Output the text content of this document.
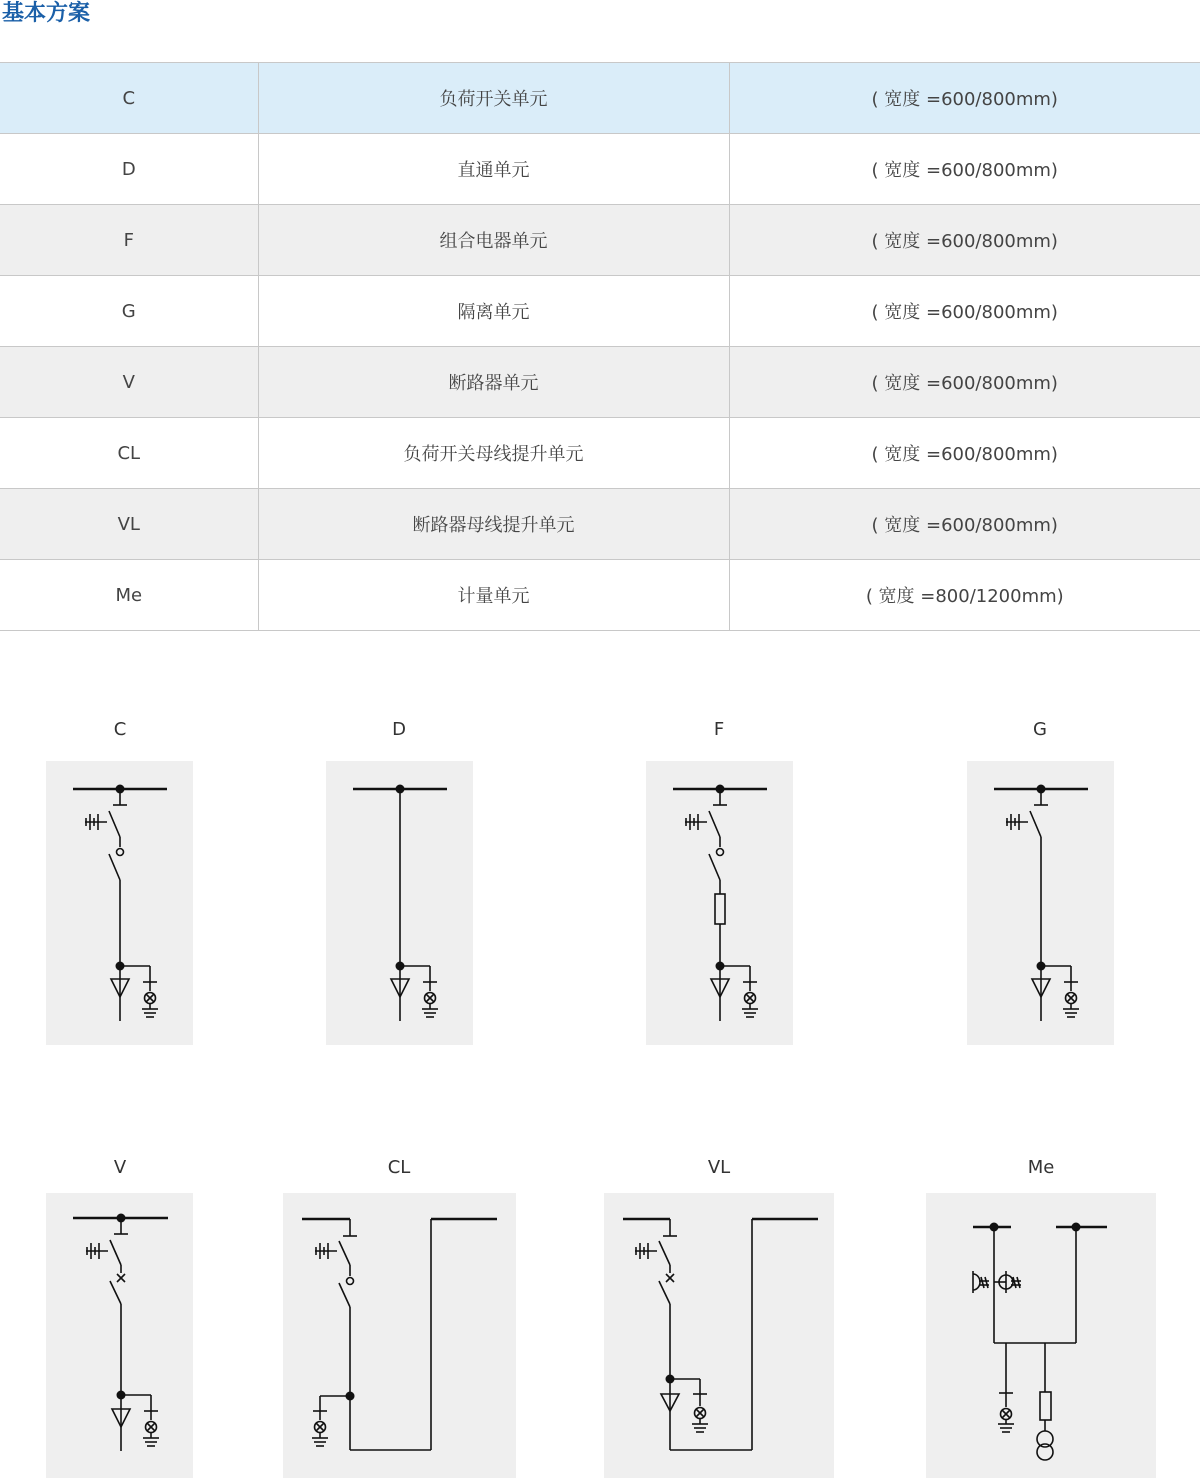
基本方案
C	负荷开关单元	( 宽度 =600/800mm)
D	直通单元	( 宽度 =600/800mm)
F	组合电器单元	( 宽度 =600/800mm)
G	隔离单元	( 宽度 =600/800mm)
V	断路器单元	( 宽度 =600/800mm)
CL	负荷开关母线提升单元	( 宽度 =600/800mm)
VL	断路器母线提升单元	( 宽度 =600/800mm)
Me	计量单元	( 宽度 =800/1200mm)
C	D	F	G
V	CL	VL	Me
